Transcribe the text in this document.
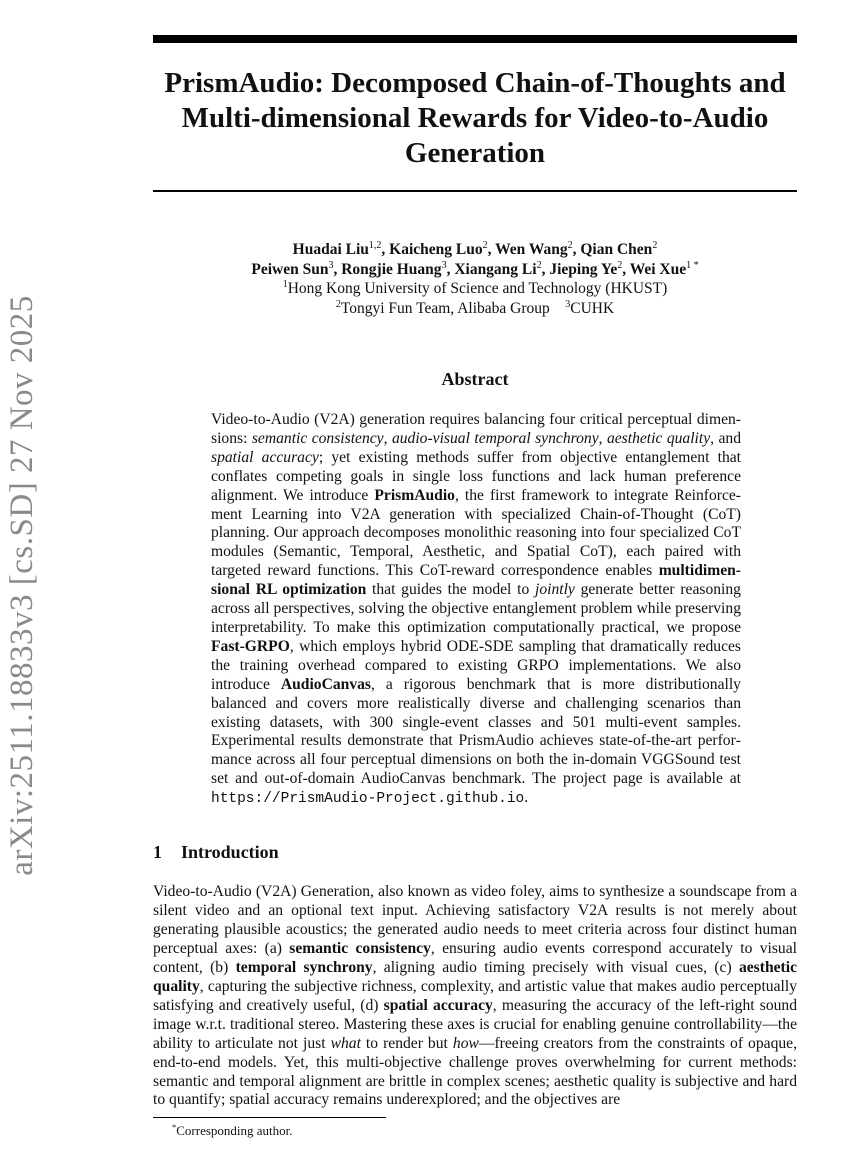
arXiv:2511.18833v3 [cs.SD] 27 Nov 2025
PrismAudio: Decomposed Chain-of-Thoughts and Multi-dimensional Rewards for Video-to-Audio Generation
Huadai Liu$^{1,2}$, Kaicheng Luo$^2$, Wen Wang$^2$, Qian Chen$^2$
Peiwen Sun$^3$, Rongjie Huang$^3$, Xiangang Li$^2$, Jieping Ye$^2$, Wei Xue$^{1 *}$
$^1$Hong Kong University of Science and Technology (HKUST)
$^2$Tongyi Fun Team, Alibaba Group $^3$CUHK
Abstract

Video-to-Audio (V2A) generation requires balancing four critical perceptual dimensions: semantic consistency, audio-visual temporal synchrony, aesthetic quality, and spatial accuracy; yet existing methods suffer from objective entanglement that conflates competing goals in single loss functions and lack human preference alignment. We introduce PrismAudio, the first framework to integrate Reinforcement Learning into V2A generation with specialized Chain-of-Thought (CoT) planning. Our approach decomposes monolithic reasoning into four specialized CoT modules (Semantic, Temporal, Aesthetic, and Spatial CoT), each paired with targeted reward functions. This CoT-reward correspondence enables multidimensional RL optimization that guides the model to jointly generate better reasoning across all perspectives, solving the objective entanglement problem while preserving interpretability. To make this optimization computationally practical, we propose Fast-GRPO, which employs hybrid ODE-SDE sampling that dramatically reduces the training overhead compared to existing GRPO implementations. We also introduce AudioCanvas, a rigorous benchmark that is more distributionally balanced and covers more realistically diverse and challenging scenarios than existing datasets, with 300 single-event classes and 501 multi-event samples. Experimental results demonstrate that PrismAudio achieves state-of-the-art performance across all four perceptual dimensions on both the in-domain VGGSound test set and out-of-domain AudioCanvas benchmark. The project page is available at https://PrismAudio-Project.github.io.

1 Introduction

Video-to-Audio (V2A) Generation, also known as video foley, aims to synthesize a soundscape from a silent video and an optional text input. Achieving satisfactory V2A results is not merely about generating plausible acoustics; the generated audio needs to meet criteria across four distinct human perceptual axes: (a) semantic consistency, ensuring audio events correspond accurately to visual content, (b) temporal synchrony, aligning audio timing precisely with visual cues, (c) aesthetic quality, capturing the subjective richness, complexity, and artistic value that makes audio perceptually satisfying and creatively useful, (d) spatial accuracy, measuring the accuracy of the left-right sound image w.r.t. traditional stereo. Mastering these axes is crucial for enabling genuine controllability—the ability to articulate not just what to render but how—freeing creators from the constraints of opaque, end-to-end models. Yet, this multi-objective challenge proves overwhelming for current methods: semantic and temporal alignment are brittle in complex scenes; aesthetic quality is subjective and hard to quantify; spatial accuracy remains underexplored; and the objectives are

*Corresponding author.
